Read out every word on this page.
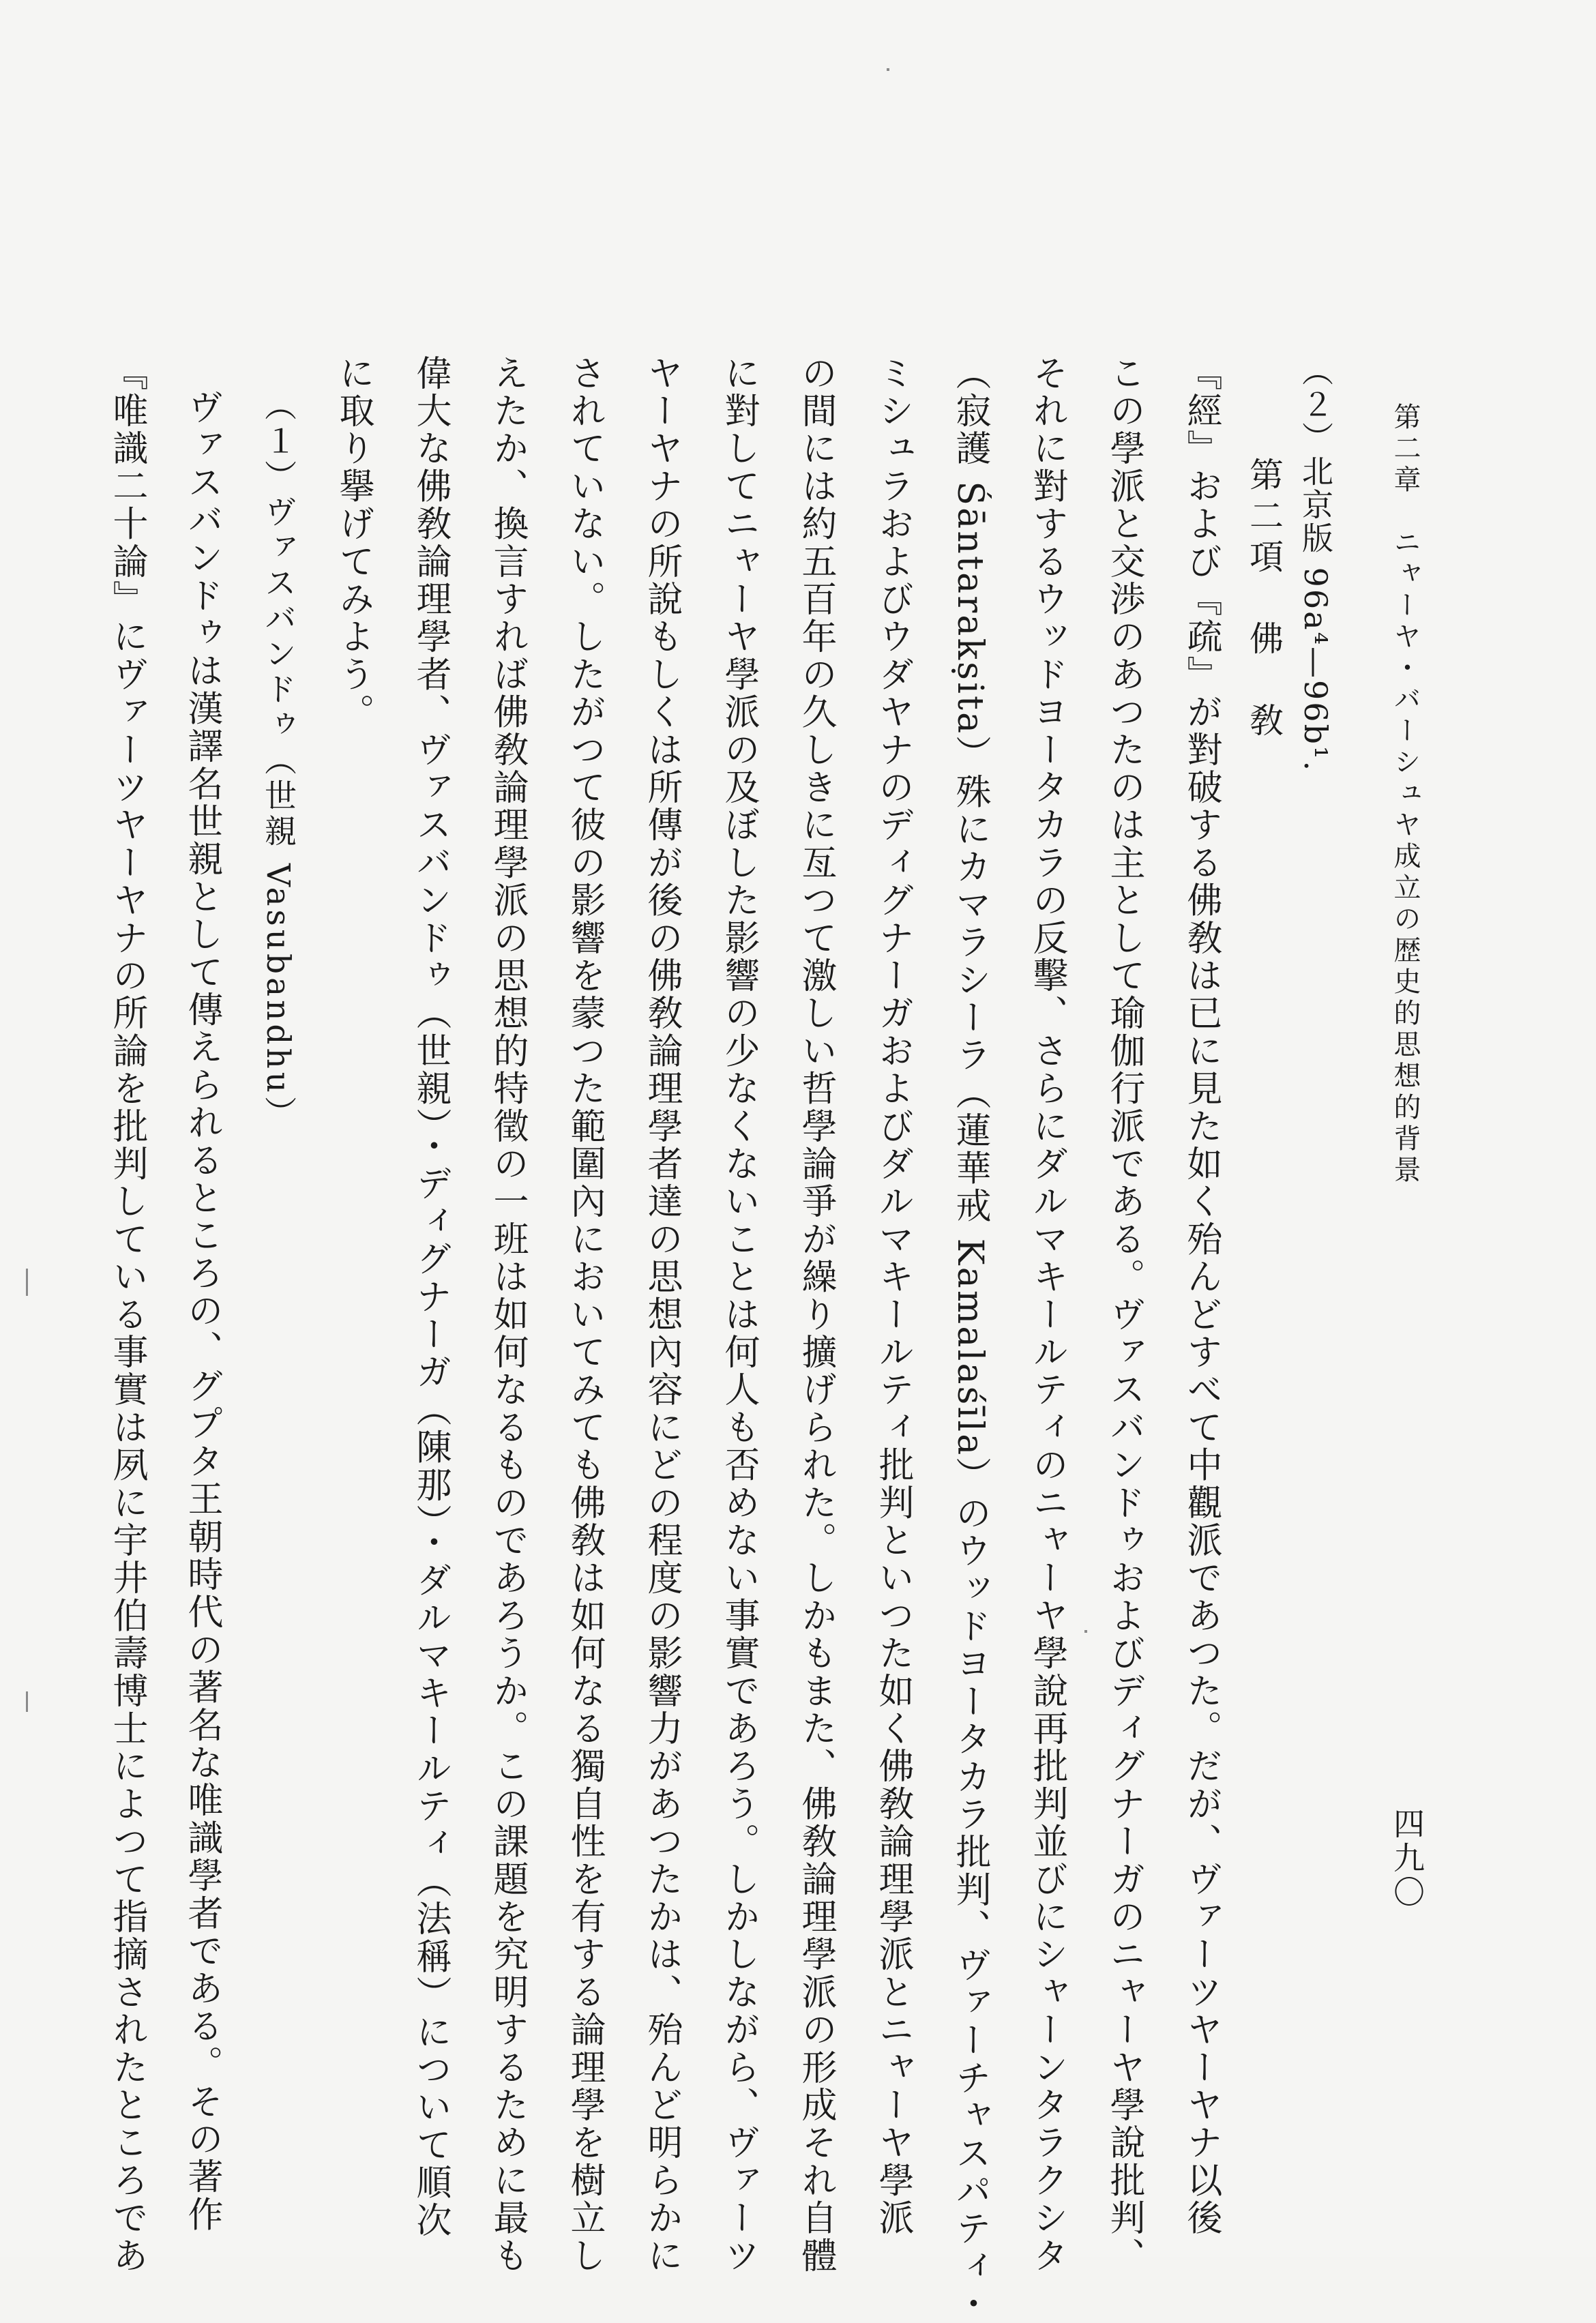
第二章　ニャーヤ・バーシュヤ成立の歴史的思想的背景
四九〇
（２）北京版 96a⁴—96b¹.
第二項　佛　敎
『經』および『疏』が對破する佛敎は已に見た如く殆んどすべて中觀派であつた。だが、ヴァーツヤーヤナ以後
この學派と交渉のあつたのは主として瑜伽行派である。ヴァスバンドゥおよびディグナーガのニャーヤ學說批判、
それに對するウッドヨータカラの反擊、さらにダルマキールティのニャーヤ學說再批判並びにシャーンタラクシタ
（寂護 Śāntarakṣita）殊にカマラシーラ（蓮華戒 Kamalaśīla）のウッドヨータカラ批判、ヴァーチャスパティ・
ミシュラおよびウダヤナのディグナーガおよびダルマキールティ批判といつた如く佛敎論理學派とニャーヤ學派
の間には約五百年の久しきに亙つて激しい哲學論爭が繰り擴げられた。しかもまた、佛敎論理學派の形成それ自體
に對してニャーヤ學派の及ぼした影響の少なくないことは何人も否めない事實であろう。しかしながら、ヴァーツ
ヤーヤナの所說もしくは所傳が後の佛敎論理學者達の思想內容にどの程度の影響力があつたかは、殆んど明らかに
されていない。したがつて彼の影響を蒙つた範圍內においてみても佛敎は如何なる獨自性を有する論理學を樹立し
えたか、換言すれば佛敎論理學派の思想的特徵の一班は如何なるものであろうか。この課題を究明するために最も
偉大な佛敎論理學者、ヴァスバンドゥ（世親）・ディグナーガ（陳那）・ダルマキールティ（法稱）について順次
に取り擧げてみよう。
（１）ヴァスバンドゥ（世親 Vasubandhu）
ヴァスバンドゥは漢譯名世親として傳えられるところの、グプタ王朝時代の著名な唯識學者である。その著作
『唯識二十論』にヴァーツヤーヤナの所論を批判している事實は夙に宇井伯壽博士によつて指摘されたところであ
